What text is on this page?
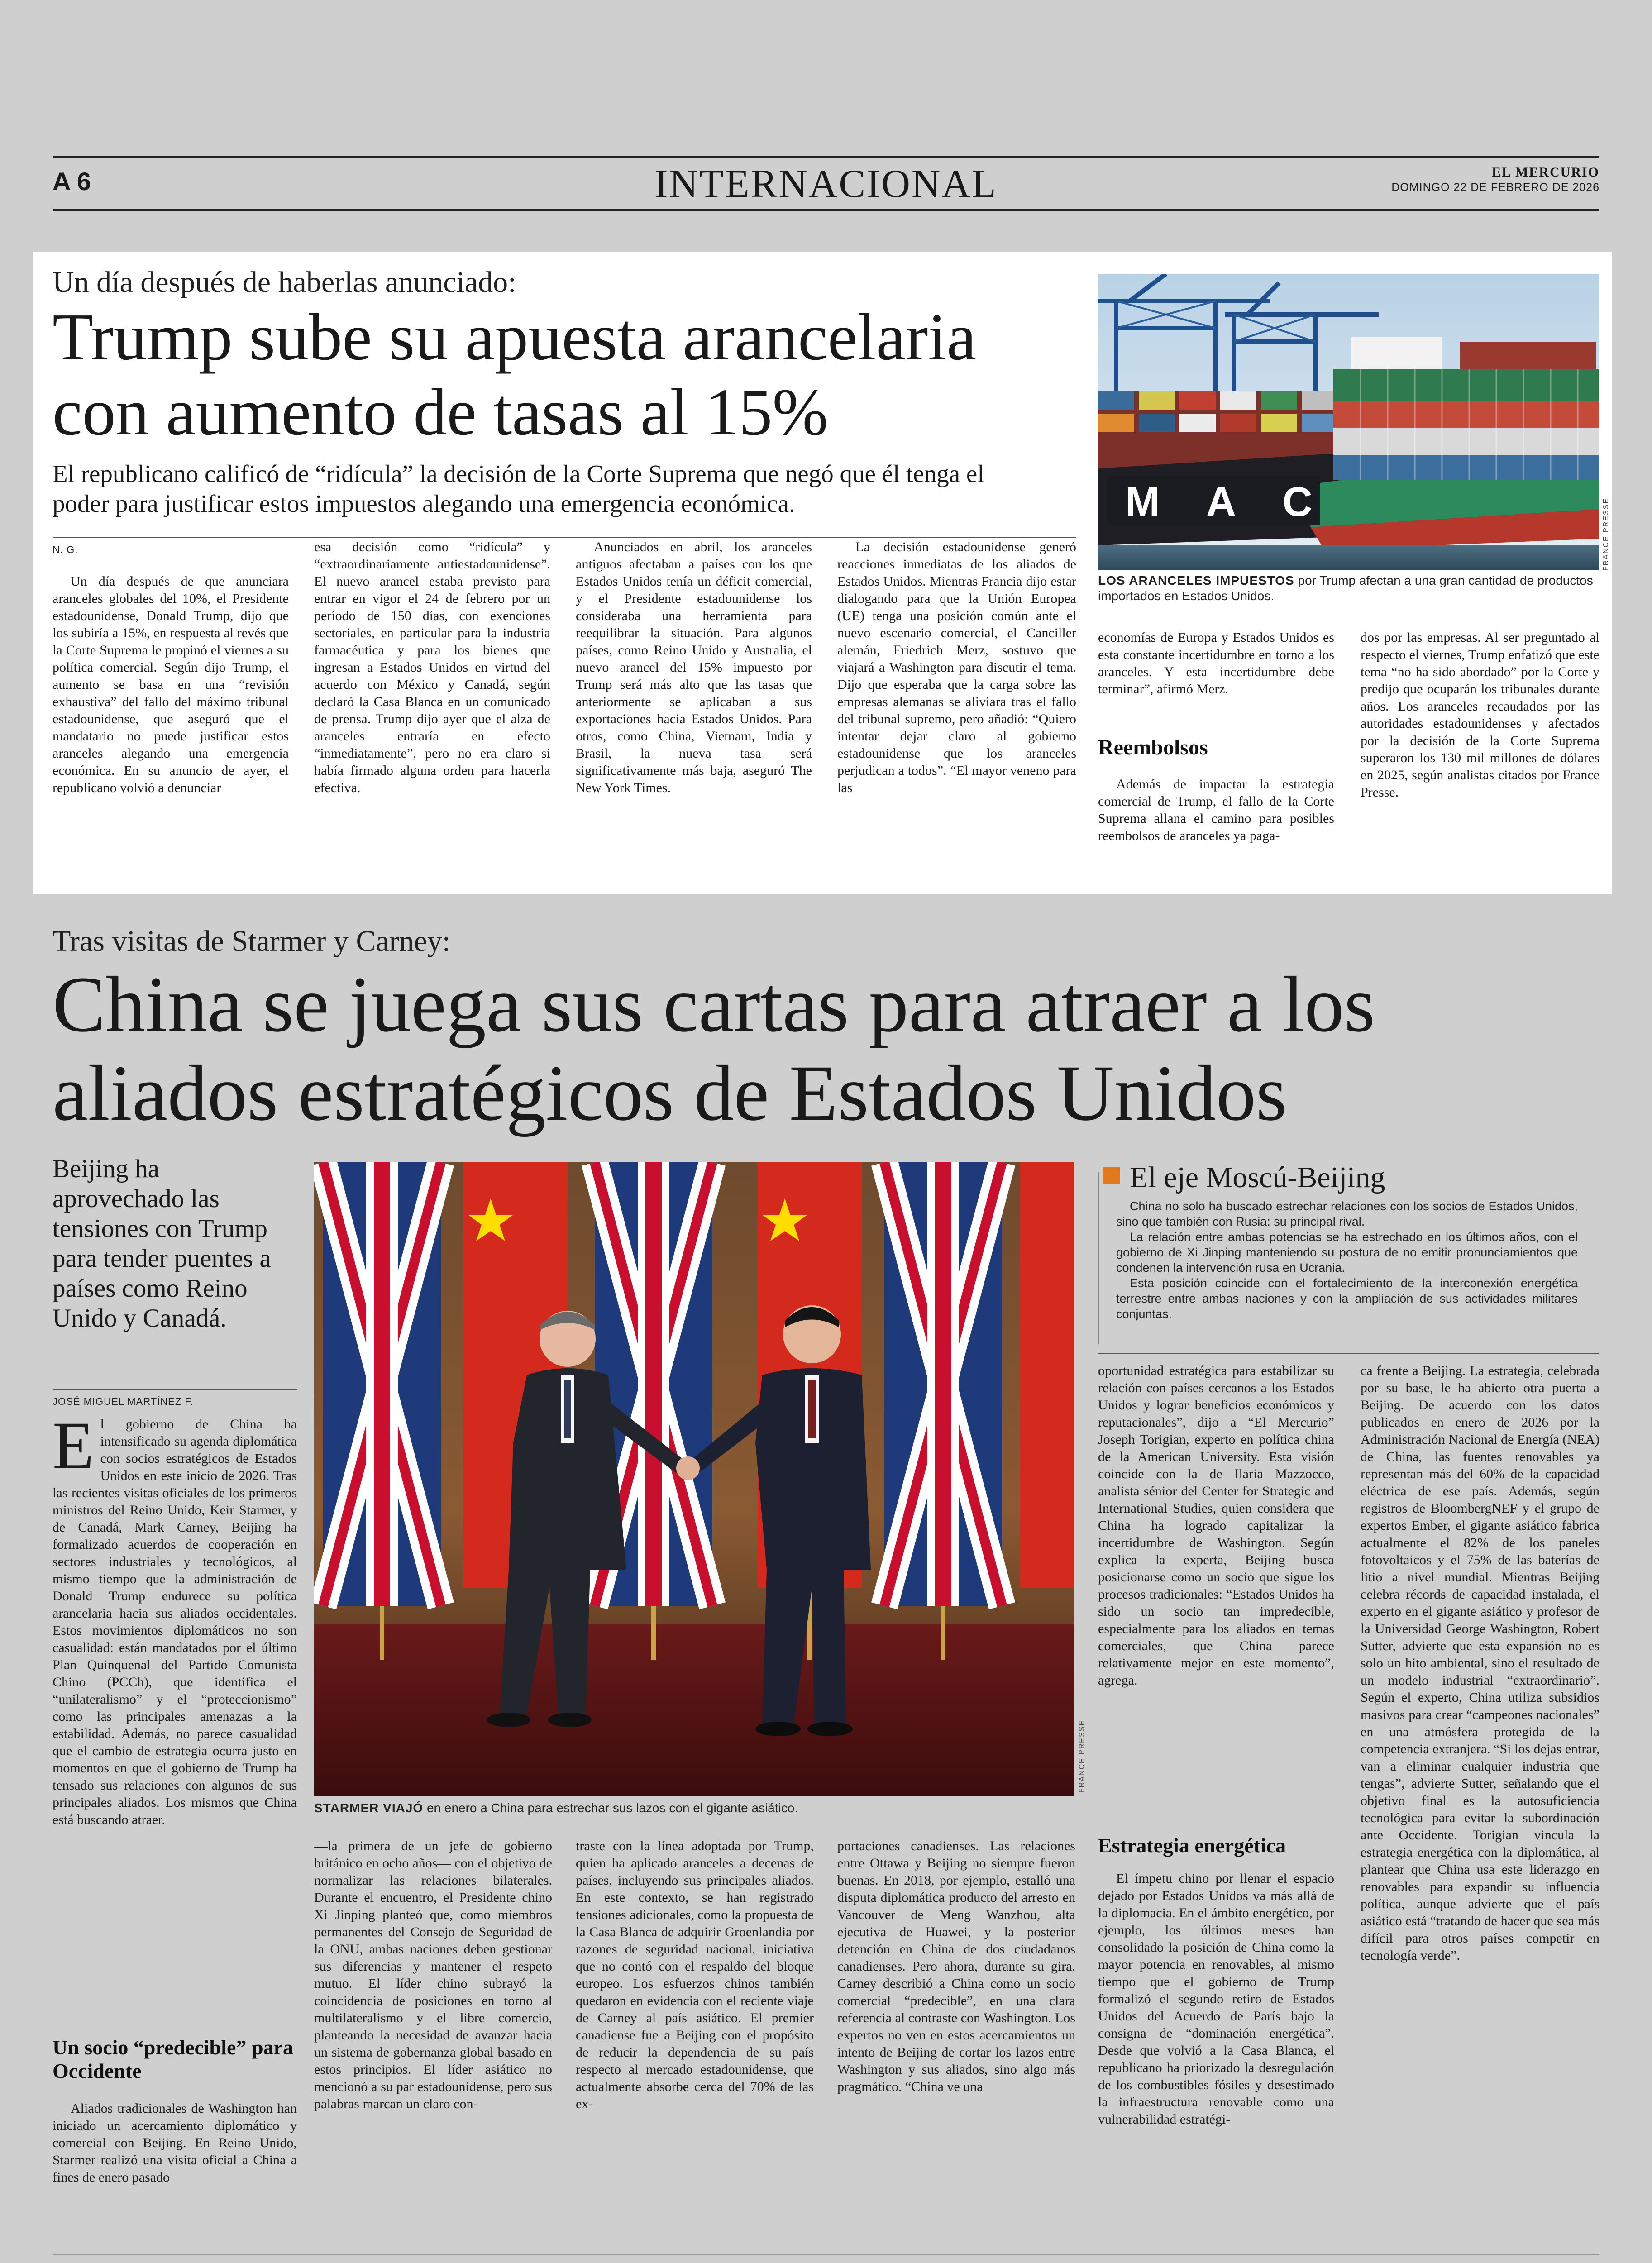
A 6	INTERNACIONAL	EL MERCURIO
DOMINGO 22 DE FEBRERO DE 2026
Un día después de haberlas anunciado:
Trump sube su apuesta arancelaria
con aumento de tasas al 15%
El republicano calificó de “ridícula” la decisión de la Corte Suprema que negó que él tenga el
poder para justificar estos impuestos alegando una emergencia económica.
N. G.
M A C	FRANCE PRESSE
LOS ARANCELES IMPUESTOS por Trump afectan a una gran cantidad de productos importados en Estados Unidos.

Un día después de que anunciara aranceles globales del 10%, el Presidente estadounidense, Donald Trump, dijo que los subiría a 15%, en respuesta al revés que la Corte Suprema le propinó el viernes a su política comercial. Según dijo Trump, el aumento se basa en una “revisión exhaustiva” del fallo del máximo tribunal estadounidense, que aseguró que el mandatario no puede justificar estos aranceles alegando una emergencia económica. En su anuncio de ayer, el republicano volvió a denunciar

esa decisión como “ridícula” y “extraordinariamente antiestadounidense”. El nuevo arancel estaba previsto para entrar en vigor el 24 de febrero por un período de 150 días, con exenciones sectoriales, en particular para la industria farmacéutica y para los bienes que ingresan a Estados Unidos en virtud del acuerdo con México y Canadá, según declaró la Casa Blanca en un comunicado de prensa. Trump dijo ayer que el alza de aranceles entraría en efecto “inmediatamente”, pero no era claro si había firmado alguna orden para hacerla efectiva.

Anunciados en abril, los aranceles antiguos afectaban a países con los que Estados Unidos tenía un déficit comercial, y el Presidente estadounidense los consideraba una herramienta para reequilibrar la situación. Para algunos países, como Reino Unido y Australia, el nuevo arancel del 15% impuesto por Trump será más alto que las tasas que anteriormente se aplicaban a sus exportaciones hacia Estados Unidos. Para otros, como China, Vietnam, India y Brasil, la nueva tasa será significativamente más baja, aseguró The New York Times.

La decisión estadounidense generó reacciones inmediatas de los aliados de Estados Unidos. Mientras Francia dijo estar dialogando para que la Unión Europea (UE) tenga una posición común ante el nuevo escenario comercial, el Canciller alemán, Friedrich Merz, sostuvo que viajará a Washington para discutir el tema. Dijo que esperaba que la carga sobre las empresas alemanas se aliviara tras el fallo del tribunal supremo, pero añadió: “Quiero intentar dejar claro al gobierno estadounidense que los aranceles perjudican a todos”. “El mayor veneno para las

economías de Europa y Estados Unidos es esta constante incertidumbre en torno a los aranceles. Y esta incertidumbre debe terminar”, afirmó Merz.

Reembolsos

Además de impactar la estrategia comercial de Trump, el fallo de la Corte Suprema allana el camino para posibles reembolsos de aranceles ya paga-

dos por las empresas. Al ser preguntado al respecto el viernes, Trump enfatizó que este tema “no ha sido abordado” por la Corte y predijo que ocuparán los tribunales durante años. Los aranceles recaudados por las autoridades estadounidenses y afectados por la decisión de la Corte Suprema superaron los 130 mil millones de dólares en 2025, según analistas citados por France Presse.

Tras visitas de Starmer y Carney:
China se juega sus cartas para atraer a los
aliados estratégicos de Estados Unidos
Beijing ha aprovechado las tensiones con Trump para tender puentes a países como Reino Unido y Canadá.
JOSÉ MIGUEL MARTÍNEZ F.
El gobierno de China ha intensificado su agenda diplomática con socios estratégicos de Estados Unidos en este inicio de 2026. Tras las recientes visitas oficiales de los primeros ministros del Reino Unido, Keir Starmer, y de Canadá, Mark Carney, Beijing ha formalizado acuerdos de cooperación en sectores industriales y tecnológicos, al mismo tiempo que la administración de Donald Trump endurece su política arancelaria hacia sus aliados occidentales. Estos movimientos diplomáticos no son casualidad: están mandatados por el último Plan Quinquenal del Partido Comunista Chino (PCCh), que identifica el “unilateralismo” y el “proteccionismo” como las principales amenazas a la estabilidad. Además, no parece casualidad que el cambio de estrategia ocurra justo en momentos en que el gobierno de Trump ha tensado sus relaciones con algunos de sus principales aliados. Los mismos que China está buscando atraer.
Un socio “predecible” para Occidente

Aliados tradicionales de Washington han iniciado un acercamiento diplomático y comercial con Beijing. En Reino Unido, Starmer realizó una visita oficial a China a fines de enero pasado

FRANCE PRESSE
STARMER VIAJÓ en enero a China para estrechar sus lazos con el gigante asiático.

—la primera de un jefe de gobierno británico en ocho años— con el objetivo de normalizar las relaciones bilaterales. Durante el encuentro, el Presidente chino Xi Jinping planteó que, como miembros permanentes del Consejo de Seguridad de la ONU, ambas naciones deben gestionar sus diferencias y mantener el respeto mutuo. El líder chino subrayó la coincidencia de posiciones en torno al multilateralismo y el libre comercio, planteando la necesidad de avanzar hacia un sistema de gobernanza global basado en estos principios. El líder asiático no mencionó a su par estadounidense, pero sus palabras marcan un claro con-

traste con la línea adoptada por Trump, quien ha aplicado aranceles a decenas de países, incluyendo sus principales aliados. En este contexto, se han registrado tensiones adicionales, como la propuesta de la Casa Blanca de adquirir Groenlandia por razones de seguridad nacional, iniciativa que no contó con el respaldo del bloque europeo. Los esfuerzos chinos también quedaron en evidencia con el reciente viaje de Carney al país asiático. El premier canadiense fue a Beijing con el propósito de reducir la dependencia de su país respecto al mercado estadounidense, que actualmente absorbe cerca del 70% de las ex-

portaciones canadienses. Las relaciones entre Ottawa y Beijing no siempre fueron buenas. En 2018, por ejemplo, estalló una disputa diplomática producto del arresto en Vancouver de Meng Wanzhou, alta ejecutiva de Huawei, y la posterior detención en China de dos ciudadanos canadienses. Pero ahora, durante su gira, Carney describió a China como un socio comercial “predecible”, en una clara referencia al contraste con Washington. Los expertos no ven en estos acercamientos un intento de Beijing de cortar los lazos entre Washington y sus aliados, sino algo más pragmático. “China ve una

El eje Moscú-Beijing

China no solo ha buscado estrechar relaciones con los socios de Estados Unidos, sino que también con Rusia: su principal rival.

La relación entre ambas potencias se ha estrechado en los últimos años, con el gobierno de Xi Jinping manteniendo su postura de no emitir pronunciamientos que condenen la intervención rusa en Ucrania.

Esta posición coincide con el fortalecimiento de la interconexión energética terrestre entre ambas naciones y con la ampliación de sus actividades militares conjuntas.

oportunidad estratégica para estabilizar su relación con países cercanos a los Estados Unidos y lograr beneficios económicos y reputacionales”, dijo a “El Mercurio” Joseph Torigian, experto en política china de la American University. Esta visión coincide con la de Ilaria Mazzocco, analista sénior del Center for Strategic and International Studies, quien considera que China ha logrado capitalizar la incertidumbre de Washington. Según explica la experta, Beijing busca posicionarse como un socio que sigue los procesos tradicionales: “Estados Unidos ha sido un socio tan impredecible, especialmente para los aliados en temas comerciales, que China parece relativamente mejor en este momento”, agrega.

Estrategia energética

El ímpetu chino por llenar el espacio dejado por Estados Unidos va más allá de la diplomacia. En el ámbito energético, por ejemplo, los últimos meses han consolidado la posición de China como la mayor potencia en renovables, al mismo tiempo que el gobierno de Trump formalizó el segundo retiro de Estados Unidos del Acuerdo de París bajo la consigna de “dominación energética”. Desde que volvió a la Casa Blanca, el republicano ha priorizado la desregulación de los combustibles fósiles y desestimado la infraestructura renovable como una vulnerabilidad estratégi-

ca frente a Beijing. La estrategia, celebrada por su base, le ha abierto otra puerta a Beijing. De acuerdo con los datos publicados en enero de 2026 por la Administración Nacional de Energía (NEA) de China, las fuentes renovables ya representan más del 60% de la capacidad eléctrica de ese país. Además, según registros de BloombergNEF y el grupo de expertos Ember, el gigante asiático fabrica actualmente el 82% de los paneles fotovoltaicos y el 75% de las baterías de litio a nivel mundial. Mientras Beijing celebra récords de capacidad instalada, el experto en el gigante asiático y profesor de la Universidad George Washington, Robert Sutter, advierte que esta expansión no es solo un hito ambiental, sino el resultado de un modelo industrial “extraordinario”. Según el experto, China utiliza subsidios masivos para crear “campeones nacionales” en una atmósfera protegida de la competencia extranjera. “Si los dejas entrar, van a eliminar cualquier industria que tengas”, advierte Sutter, señalando que el objetivo final es la autosuficiencia tecnológica para evitar la subordinación ante Occidente. Torigian vincula la estrategia energética con la diplomática, al plantear que China usa este liderazgo en renovables para expandir su influencia política, aunque advierte que el país asiático está “tratando de hacer que sea más difícil para otros países competir en tecnología verde”.
